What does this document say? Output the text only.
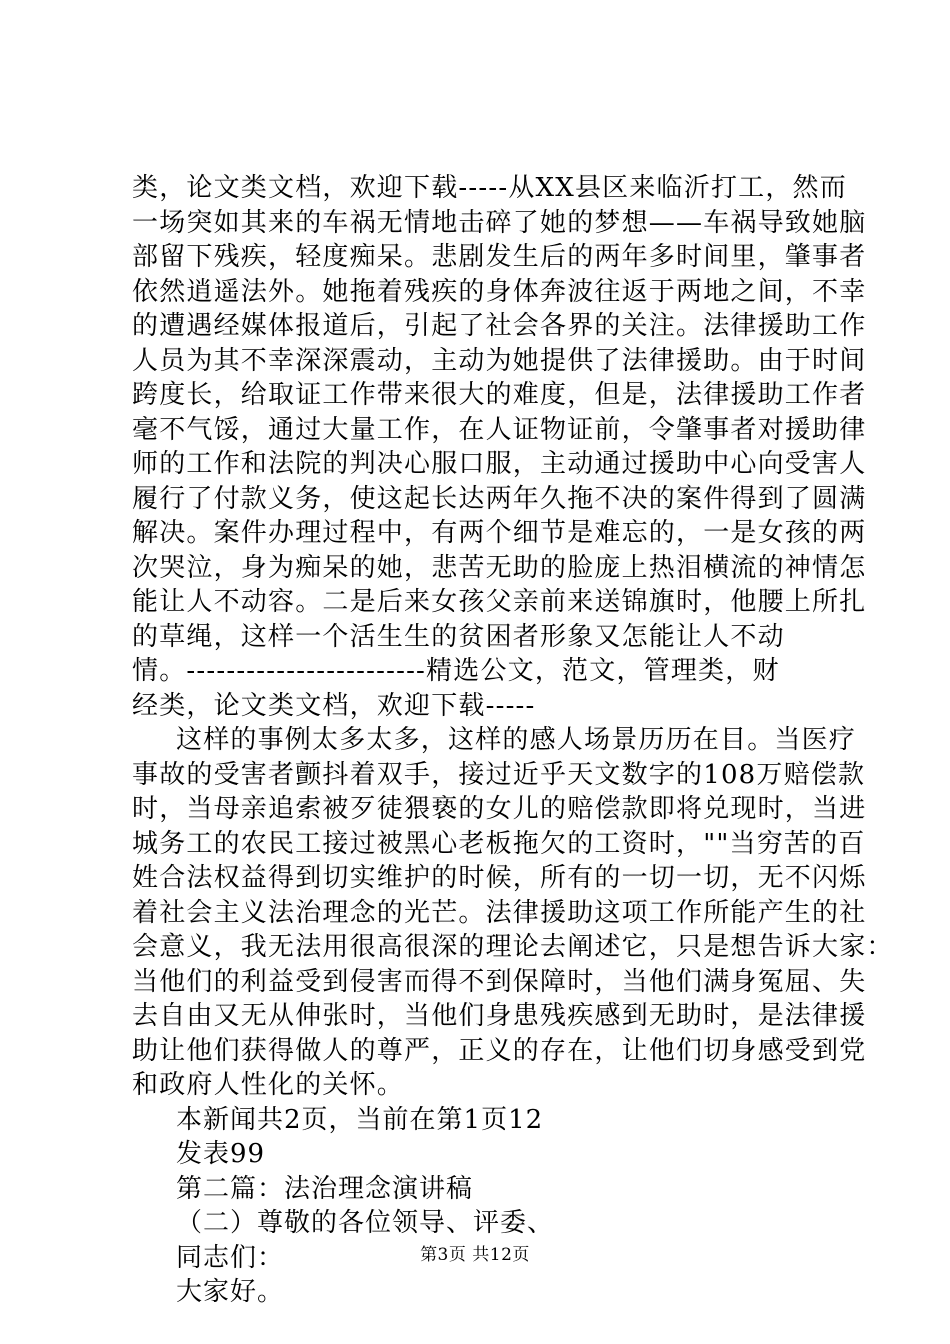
类，论文类文档，欢迎下载-----从XX县区来临沂打工，然而
一场突如其来的车祸无情地击碎了她的梦想——车祸导致她脑
部留下残疾，轻度痴呆。悲剧发生后的两年多时间里，肇事者
依然逍遥法外。她拖着残疾的身体奔波往返于两地之间，不幸
的遭遇经媒体报道后，引起了社会各界的关注。法律援助工作
人员为其不幸深深震动，主动为她提供了法律援助。由于时间
跨度长，给取证工作带来很大的难度，但是，法律援助工作者
毫不气馁，通过大量工作，在人证物证前，令肇事者对援助律
师的工作和法院的判决心服口服，主动通过援助中心向受害人
履行了付款义务，使这起长达两年久拖不决的案件得到了圆满
解决。案件办理过程中，有两个细节是难忘的，一是女孩的两
次哭泣，身为痴呆的她，悲苦无助的脸庞上热泪横流的神情怎
能让人不动容。二是后来女孩父亲前来送锦旗时，他腰上所扎
的草绳，这样一个活生生的贫困者形象又怎能让人不动
情。------------------------精选公文，范文，管理类，财
经类，论文类文档，欢迎下载-----
这样的事例太多太多，这样的感人场景历历在目。当医疗
事故的受害者颤抖着双手，接过近乎天文数字的108万赔偿款
时，当母亲追索被歹徒猥亵的女儿的赔偿款即将兑现时，当进
城务工的农民工接过被黑心老板拖欠的工资时，""当穷苦的百
姓合法权益得到切实维护的时候，所有的一切一切，无不闪烁
着社会主义法治理念的光芒。法律援助这项工作所能产生的社
会意义，我无法用很高很深的理论去阐述它，只是想告诉大家：
当他们的利益受到侵害而得不到保障时，当他们满身冤屈、失
去自由又无从伸张时，当他们身患残疾感到无助时，是法律援
助让他们获得做人的尊严，正义的存在，让他们切身感受到党
和政府人性化的关怀。
本新闻共2页，当前在第1页12
发表99
第二篇：法治理念演讲稿
（二）尊敬的各位领导、评委、
同志们：
大家好。
第3页 共12页
